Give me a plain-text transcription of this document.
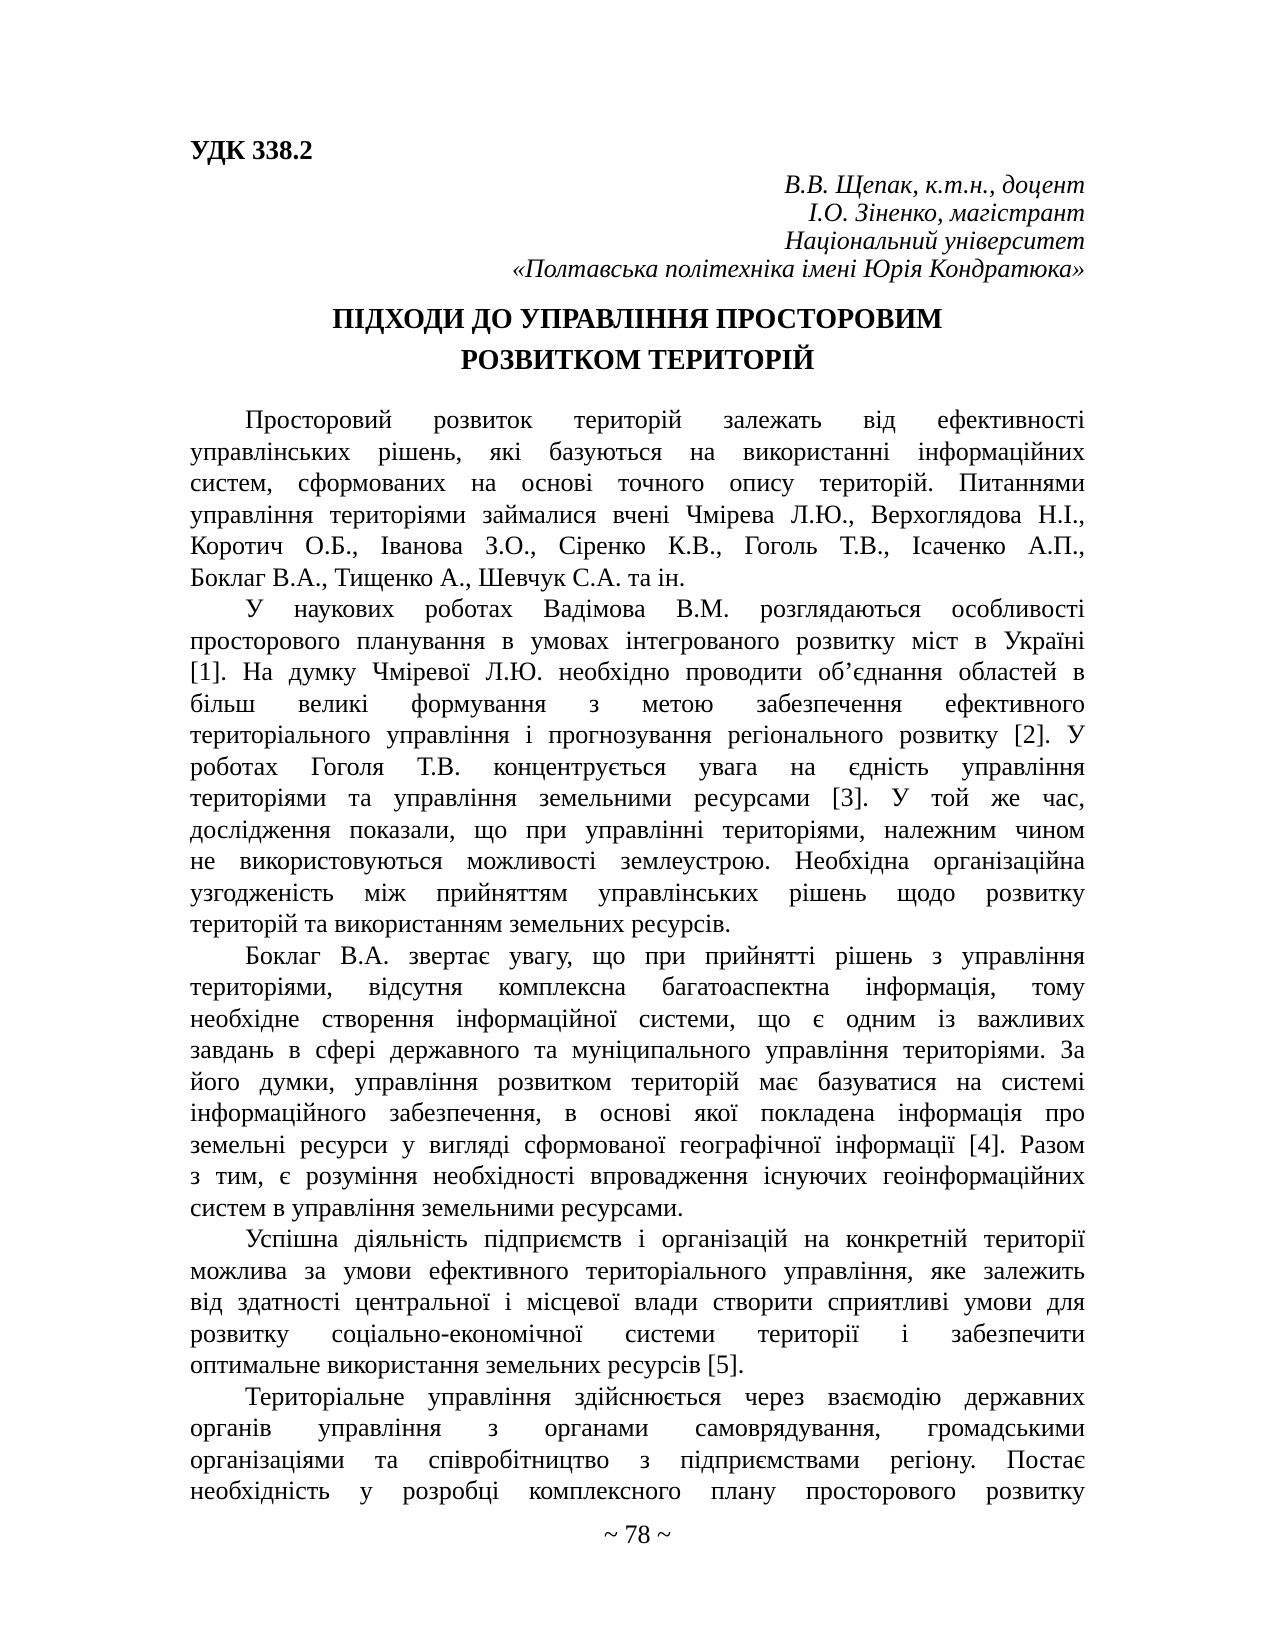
УДК 338.2
В.В. Щепак, к.т.н., доцент
І.О. Зіненко, магістрант
Національний університет
«Полтавська політехніка імені Юрія Кондратюка»
ПІДХОДИ ДО УПРАВЛІННЯ ПРОСТОРОВИМ
РОЗВИТКОМ ТЕРИТОРІЙ
Просторовий розвиток територій залежать від ефективності
управлінських рішень, які базуються на використанні інформаційних
систем, сформованих на основі точного опису територій. Питаннями
управління територіями займалися вчені Чмірева Л.Ю., Верхоглядова Н.І.,
Коротич О.Б., Іванова З.О., Сіренко К.В., Гоголь Т.В., Ісаченко А.П.,
Боклаг В.А., Тищенко А., Шевчук С.А. та ін.
У наукових роботах Вадімова В.М. розглядаються особливості
просторового планування в умовах інтегрованого розвитку міст в Україні
[1]. На думку Чміревої Л.Ю. необхідно проводити об’єднання областей в
більш великі формування з метою забезпечення ефективного
територіального управління і прогнозування регіонального розвитку [2]. У
роботах Гоголя Т.В. концентрується увага на єдність управління
територіями та управління земельними ресурсами [3]. У той же час,
дослідження показали, що при управлінні територіями, належним чином
не використовуються можливості землеустрою. Необхідна організаційна
узгодженість між прийняттям управлінських рішень щодо розвитку
територій та використанням земельних ресурсів.
Боклаг В.А. звертає увагу, що при прийнятті рішень з управління
територіями, відсутня комплексна багатоаспектна інформація, тому
необхідне створення інформаційної системи, що є одним із важливих
завдань в сфері державного та муніципального управління територіями. За
його думки, управління розвитком територій має базуватися на системі
інформаційного забезпечення, в основі якої покладена інформація про
земельні ресурси у вигляді сформованої географічної інформації [4]. Разом
з тим, є розуміння необхідності впровадження існуючих геоінформаційних
систем в управління земельними ресурсами.
Успішна діяльність підприємств і організацій на конкретній території
можлива за умови ефективного територіального управління, яке залежить
від здатності центральної і місцевої влади створити сприятливі умови для
розвитку соціально-економічної системи території і забезпечити
оптимальне використання земельних ресурсів [5].
Територіальне управління здійснюється через взаємодію державних
органів управління з органами самоврядування, громадськими
організаціями та співробітництво з підприємствами регіону. Постає
необхідність у розробці комплексного плану просторового розвитку
~ 78 ~
